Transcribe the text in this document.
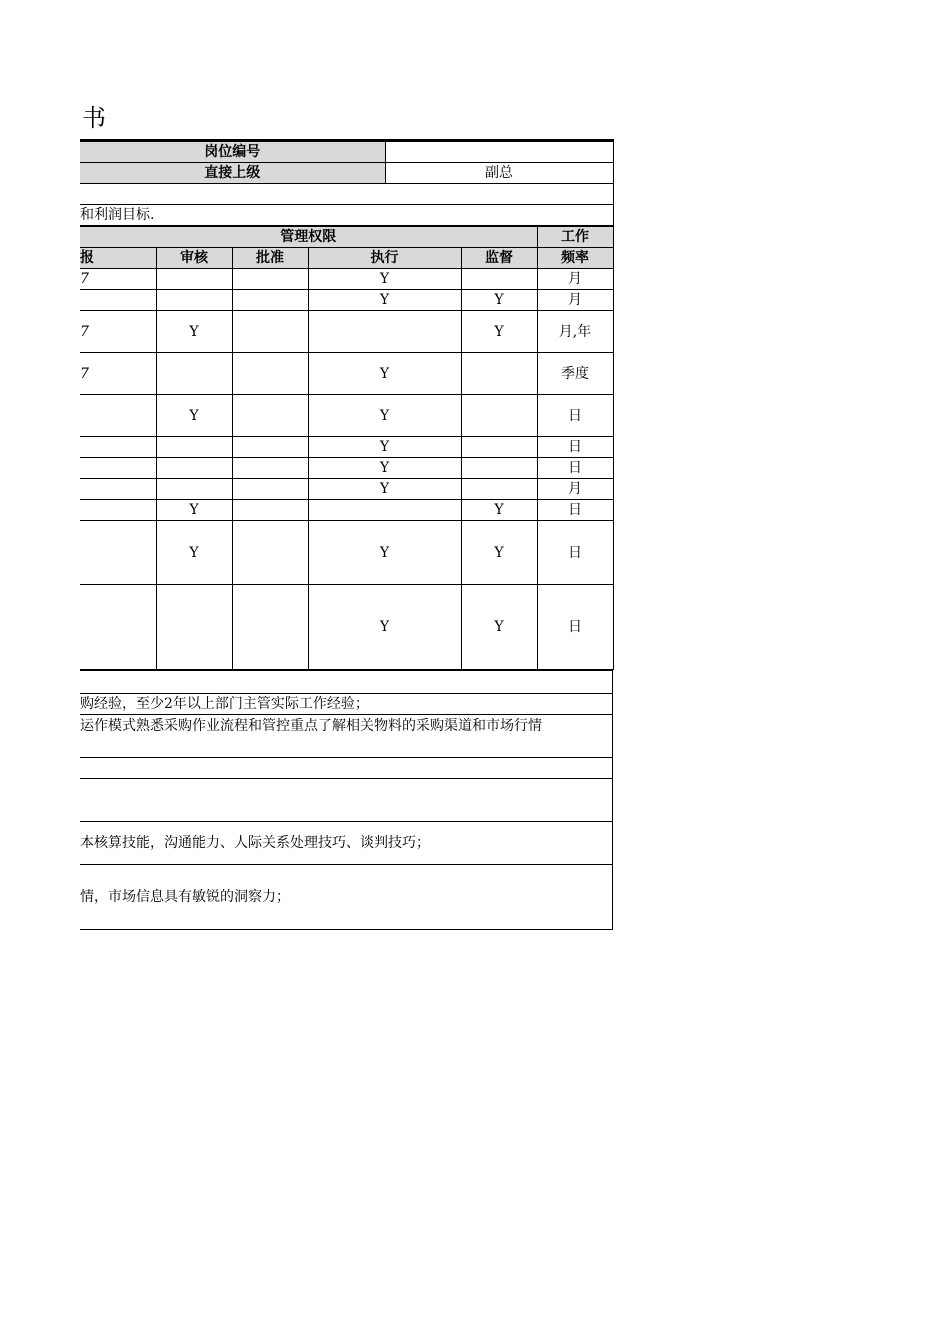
书
岗位编号	
直接上级	副总

和利润目标.	
管理权限					工作
报	审核	批准	执行	监督	频率
7			Y		月
			Y	Y	月
7	Y			Y	月,年
7			Y		季度
	Y		Y		日
			Y		日
			Y		日
			Y		月
	Y			Y	日
	Y		Y	Y	日
			Y	Y	日

购经验，至少2年以上部门主管实际工作经验；
运作模式熟悉采购作业流程和管控重点了解相关物料的采购渠道和市场行情

本核算技能，沟通能力、人际关系处理技巧、谈判技巧；
情，市场信息具有敏锐的洞察力；
